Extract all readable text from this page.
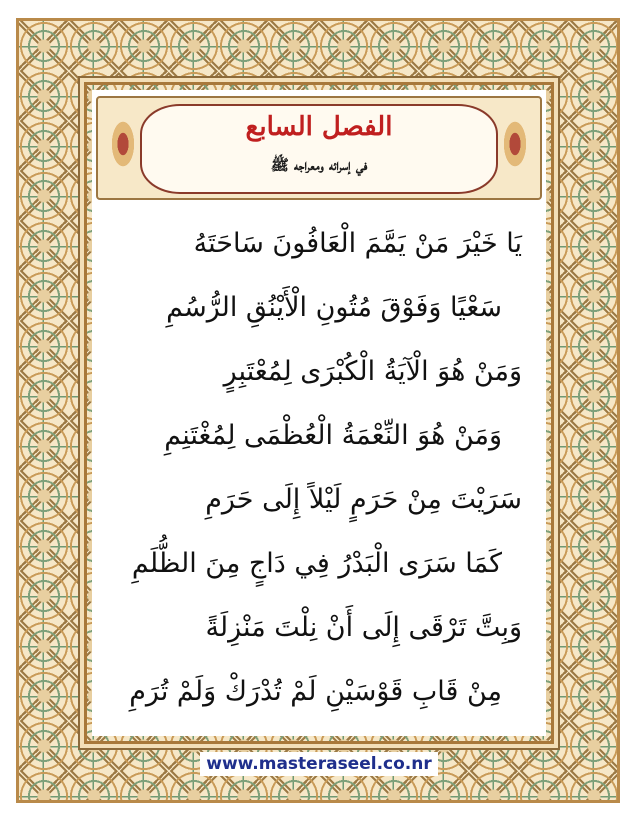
الفصل السابع
في إسرائه ومعراجه ﷺ
يَا خَيْرَ مَنْ يَمَّمَ الْعَافُونَ سَاحَتَهُ
سَعْيًا وَفَوْقَ مُتُونِ الْأَيْنُقِ الرُّسُمِ
وَمَنْ هُوَ الْآيَةُ الْكُبْرَى لِمُعْتَبِرٍ
وَمَنْ هُوَ النِّعْمَةُ الْعُظْمَى لِمُغْتَنِمِ
سَرَيْتَ مِنْ حَرَمٍ لَيْلاً إِلَى حَرَمِ
كَمَا سَرَى الْبَدْرُ فِي دَاجٍ مِنَ الظُّلَمِ
وَبِتَّ تَرْقَى إِلَى أَنْ نِلْتَ مَنْزِلَةً
مِنْ قَابِ قَوْسَيْنِ لَمْ تُدْرَكْ وَلَمْ تُرَمِ
www.masteraseel.co.nr
